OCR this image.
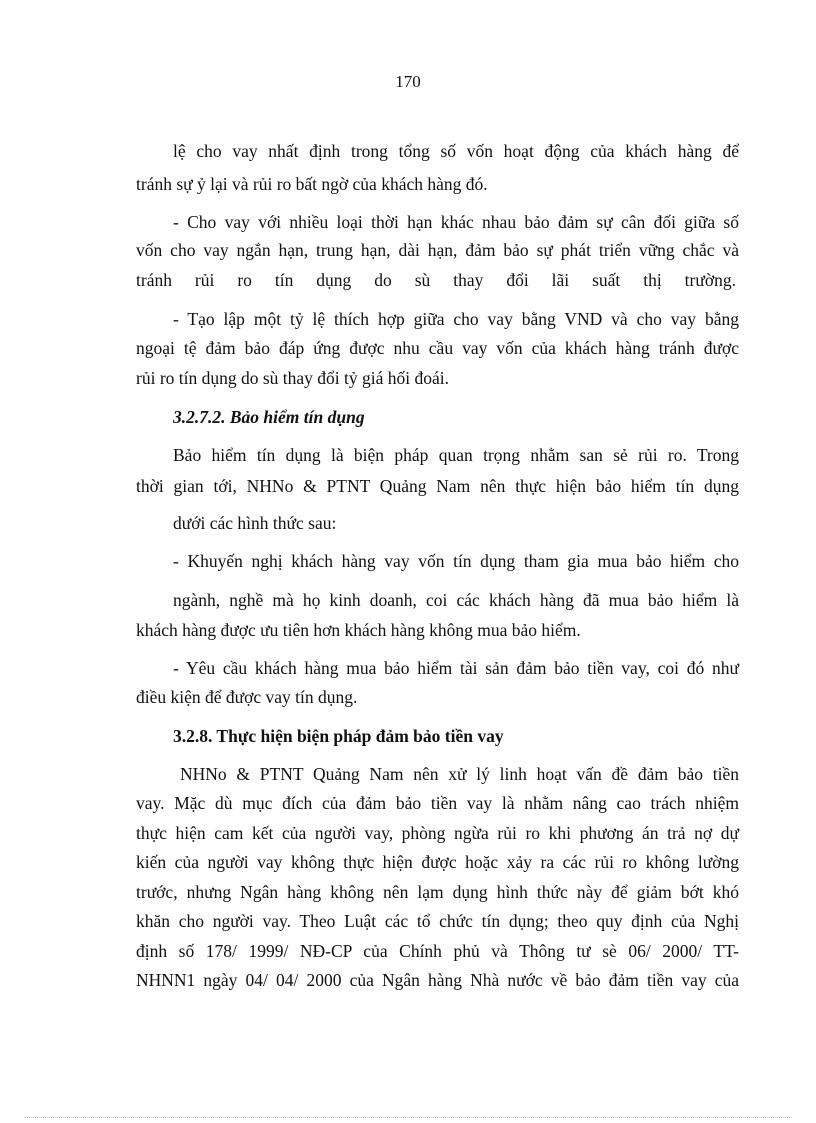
170
lệ cho vay nhất định trong tổng số vốn hoạt động của khách hàng để
tránh sự ỷ lại và rủi ro bất ngờ của khách hàng đó.
- Cho vay với nhiều loại thời hạn khác nhau bảo đảm sự cân đối giữa số
vốn cho vay ngắn hạn, trung hạn, dài hạn, đảm bảo sự phát triển vững chắc và
tránh rủi ro tín dụng do sù thay đổi lãi suất thị trường.
- Tạo lập một tỷ lệ thích hợp giữa cho vay bằng VND và cho vay bằng
ngoại tệ đảm bảo đáp ứng được nhu cầu vay vốn của khách hàng tránh được
rủi ro tín dụng do sù thay đổi tỷ giá hối đoái.
3.2.7.2. Bảo hiểm tín dụng
Bảo hiểm tín dụng là biện pháp quan trọng nhằm san sẻ rủi ro. Trong
thời gian tới, NHNo & PTNT Quảng Nam nên thực hiện bảo hiểm tín dụng
dưới các hình thức sau:
- Khuyến nghị khách hàng vay vốn tín dụng tham gia mua bảo hiểm cho
ngành, nghề mà họ kinh doanh, coi các khách hàng đã mua bảo hiểm là
khách hàng được ưu tiên hơn khách hàng không mua bảo hiểm.
- Yêu cầu khách hàng mua bảo hiểm tài sản đảm bảo tiền vay, coi đó như
điều kiện để được vay tín dụng.
3.2.8. Thực hiện biện pháp đảm bảo tiền vay
NHNo & PTNT Quảng Nam nên xử lý linh hoạt vấn đề đảm bảo tiền
vay. Mặc dù mục đích của đảm bảo tiền vay là nhằm nâng cao trách nhiệm
thực hiện cam kết của người vay, phòng ngừa rủi ro khi phương án trả nợ dự
kiến của người vay không thực hiện được hoặc xảy ra các rủi ro không lường
trước, nhưng Ngân hàng không nên lạm dụng hình thức này để giảm bớt khó
khăn cho người vay. Theo Luật các tổ chức tín dụng; theo quy định của Nghị
định số 178/ 1999/ NĐ-CP của Chính phủ và Thông tư sè 06/ 2000/ TT-
NHNN1 ngày 04/ 04/ 2000 của Ngân hàng Nhà nước về bảo đảm tiền vay của
